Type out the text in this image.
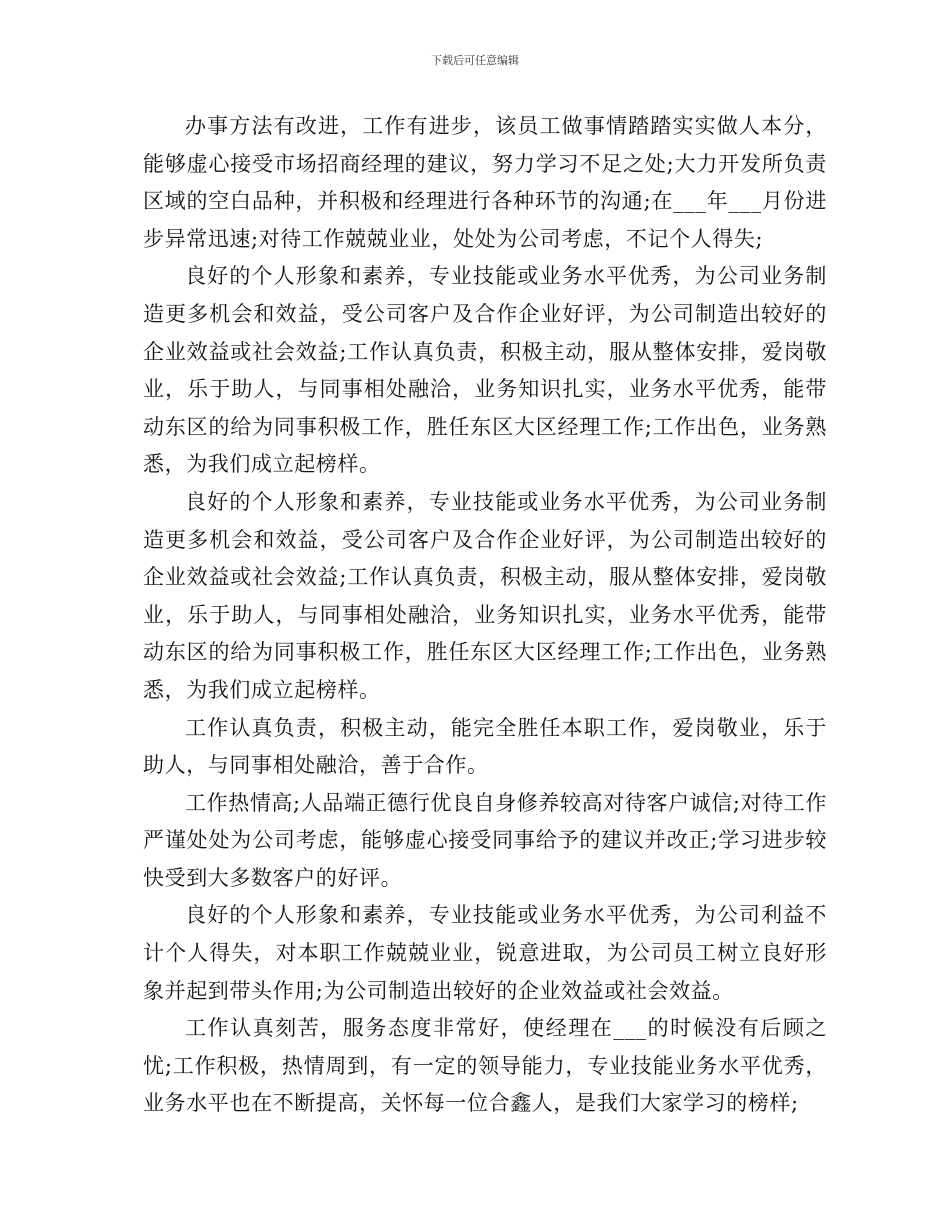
下载后可任意编辑

办事方法有改进，工作有进步，该员工做事情踏踏实实做人本分，能够虚心接受市场招商经理的建议，努力学习不足之处;大力开发所负责区域的空白品种，并积极和经理进行各种环节的沟通;在___年___月份进步异常迅速;对待工作兢兢业业，处处为公司考虑，不记个人得失;

良好的个人形象和素养，专业技能或业务水平优秀，为公司业务制造更多机会和效益，受公司客户及合作企业好评，为公司制造出较好的企业效益或社会效益;工作认真负责，积极主动，服从整体安排，爱岗敬业，乐于助人，与同事相处融洽，业务知识扎实，业务水平优秀，能带动东区的给为同事积极工作，胜任东区大区经理工作;工作出色，业务熟悉，为我们成立起榜样。

良好的个人形象和素养，专业技能或业务水平优秀，为公司业务制造更多机会和效益，受公司客户及合作企业好评，为公司制造出较好的企业效益或社会效益;工作认真负责，积极主动，服从整体安排，爱岗敬业，乐于助人，与同事相处融洽，业务知识扎实，业务水平优秀，能带动东区的给为同事积极工作，胜任东区大区经理工作;工作出色，业务熟悉，为我们成立起榜样。

工作认真负责，积极主动，能完全胜任本职工作，爱岗敬业，乐于助人，与同事相处融洽，善于合作。

工作热情高;人品端正德行优良自身修养较高对待客户诚信;对待工作严谨处处为公司考虑，能够虚心接受同事给予的建议并改正;学习进步较快受到大多数客户的好评。

良好的个人形象和素养，专业技能或业务水平优秀，为公司利益不计个人得失，对本职工作兢兢业业，锐意进取，为公司员工树立良好形象并起到带头作用;为公司制造出较好的企业效益或社会效益。

工作认真刻苦，服务态度非常好，使经理在___的时候没有后顾之忧;工作积极，热情周到，有一定的领导能力，专业技能业务水平优秀，业务水平也在不断提高，关怀每一位合鑫人，是我们大家学习的榜样;
